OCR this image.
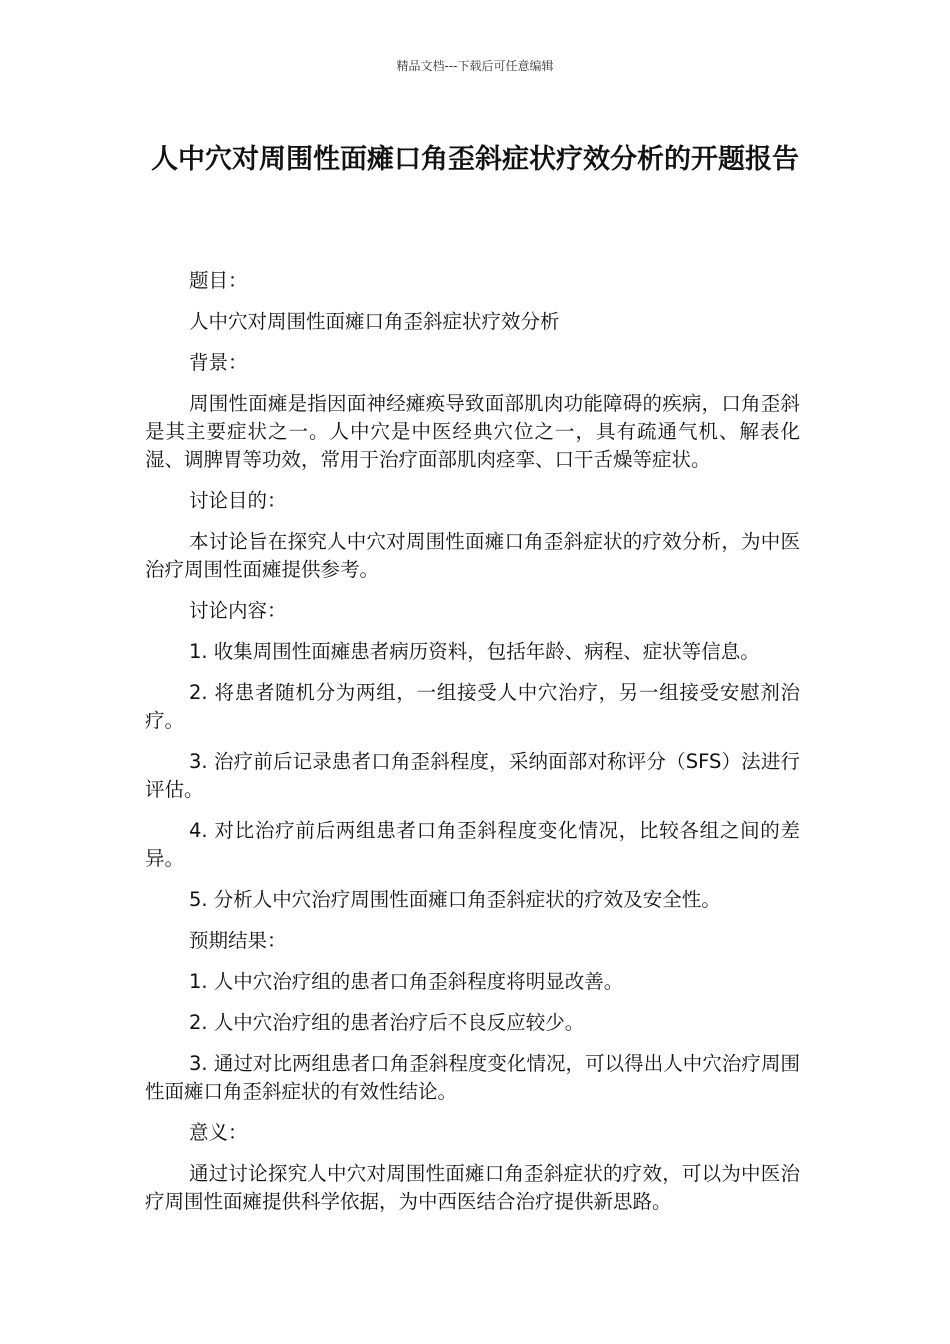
精品文档---下载后可任意编辑
人中穴对周围性面瘫口角歪斜症状疗效分析的开题报告

题目：

人中穴对周围性面瘫口角歪斜症状疗效分析

背景：

周围性面瘫是指因面神经瘫痪导致面部肌肉功能障碍的疾病，口角歪斜是其主要症状之一。人中穴是中医经典穴位之一，具有疏通气机、解表化湿、调脾胃等功效，常用于治疗面部肌肉痉挛、口干舌燥等症状。

讨论目的：

本讨论旨在探究人中穴对周围性面瘫口角歪斜症状的疗效分析，为中医治疗周围性面瘫提供参考。

讨论内容：

1. 收集周围性面瘫患者病历资料，包括年龄、病程、症状等信息。

2. 将患者随机分为两组，一组接受人中穴治疗，另一组接受安慰剂治疗。

3. 治疗前后记录患者口角歪斜程度，采纳面部对称评分（SFS）法进行评估。

4. 对比治疗前后两组患者口角歪斜程度变化情况，比较各组之间的差异。

5. 分析人中穴治疗周围性面瘫口角歪斜症状的疗效及安全性。

预期结果：

1. 人中穴治疗组的患者口角歪斜程度将明显改善。

2. 人中穴治疗组的患者治疗后不良反应较少。

3. 通过对比两组患者口角歪斜程度变化情况，可以得出人中穴治疗周围性面瘫口角歪斜症状的有效性结论。

意义：

通过讨论探究人中穴对周围性面瘫口角歪斜症状的疗效，可以为中医治疗周围性面瘫提供科学依据，为中西医结合治疗提供新思路。
